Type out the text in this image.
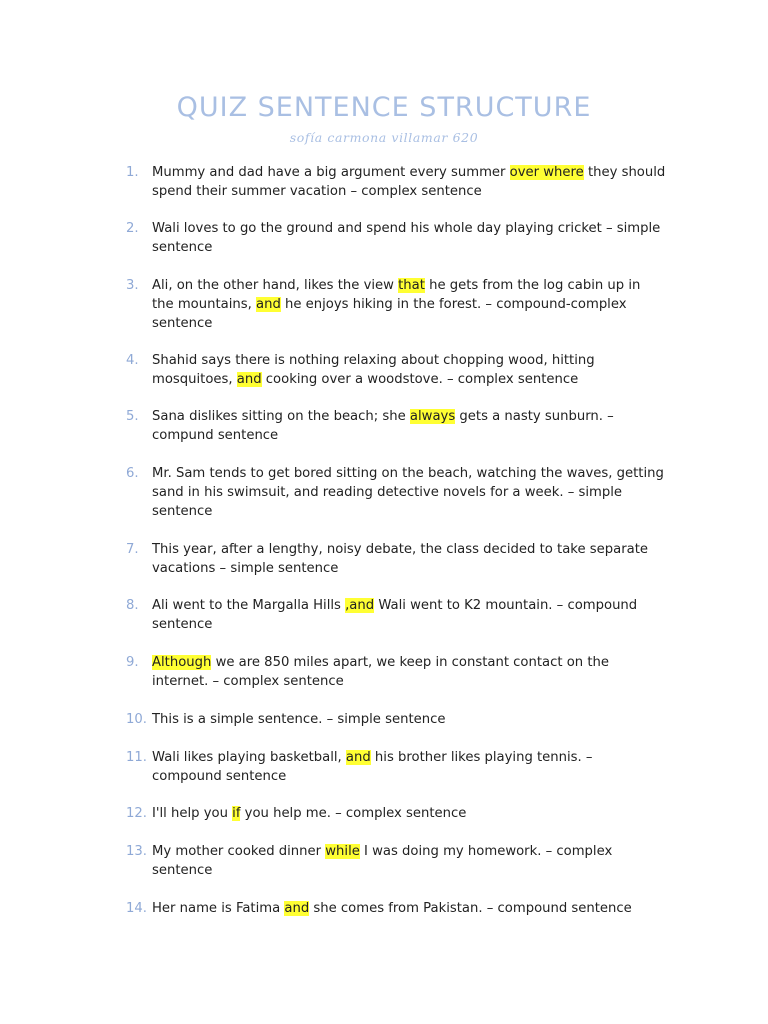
QUIZ SENTENCE STRUCTURE

sofía carmona villamar 620

1.	Mummy and dad have a big argument every summer over where they should spend their summer vacation – complex sentence
2.	Wali loves to go the ground and spend his whole day playing cricket – simple sentence
3.	Ali, on the other hand, likes the view that he gets from the log cabin up in the mountains, and he enjoys hiking in the forest. – compound-complex sentence
4.	Shahid says there is nothing relaxing about chopping wood, hitting mosquitoes, and cooking over a woodstove. – complex sentence
5.	Sana dislikes sitting on the beach; she always gets a nasty sunburn. – compund sentence
6.	Mr. Sam tends to get bored sitting on the beach, watching the waves, getting sand in his swimsuit, and reading detective novels for a week. – simple sentence
7.	This year, after a lengthy, noisy debate, the class decided to take separate vacations – simple sentence
8.	Ali went to the Margalla Hills ,and Wali went to K2 mountain. – compound sentence
9.	Although we are 850 miles apart, we keep in constant contact on the internet. – complex sentence
10. This is a simple sentence. – simple sentence
11. Wali likes playing basketball, and his brother likes playing tennis. – compound sentence
12. I'll help you if you help me. – complex sentence
13. My mother cooked dinner while I was doing my homework. – complex sentence
14. Her name is Fatima and she comes from Pakistan. – compound sentence
